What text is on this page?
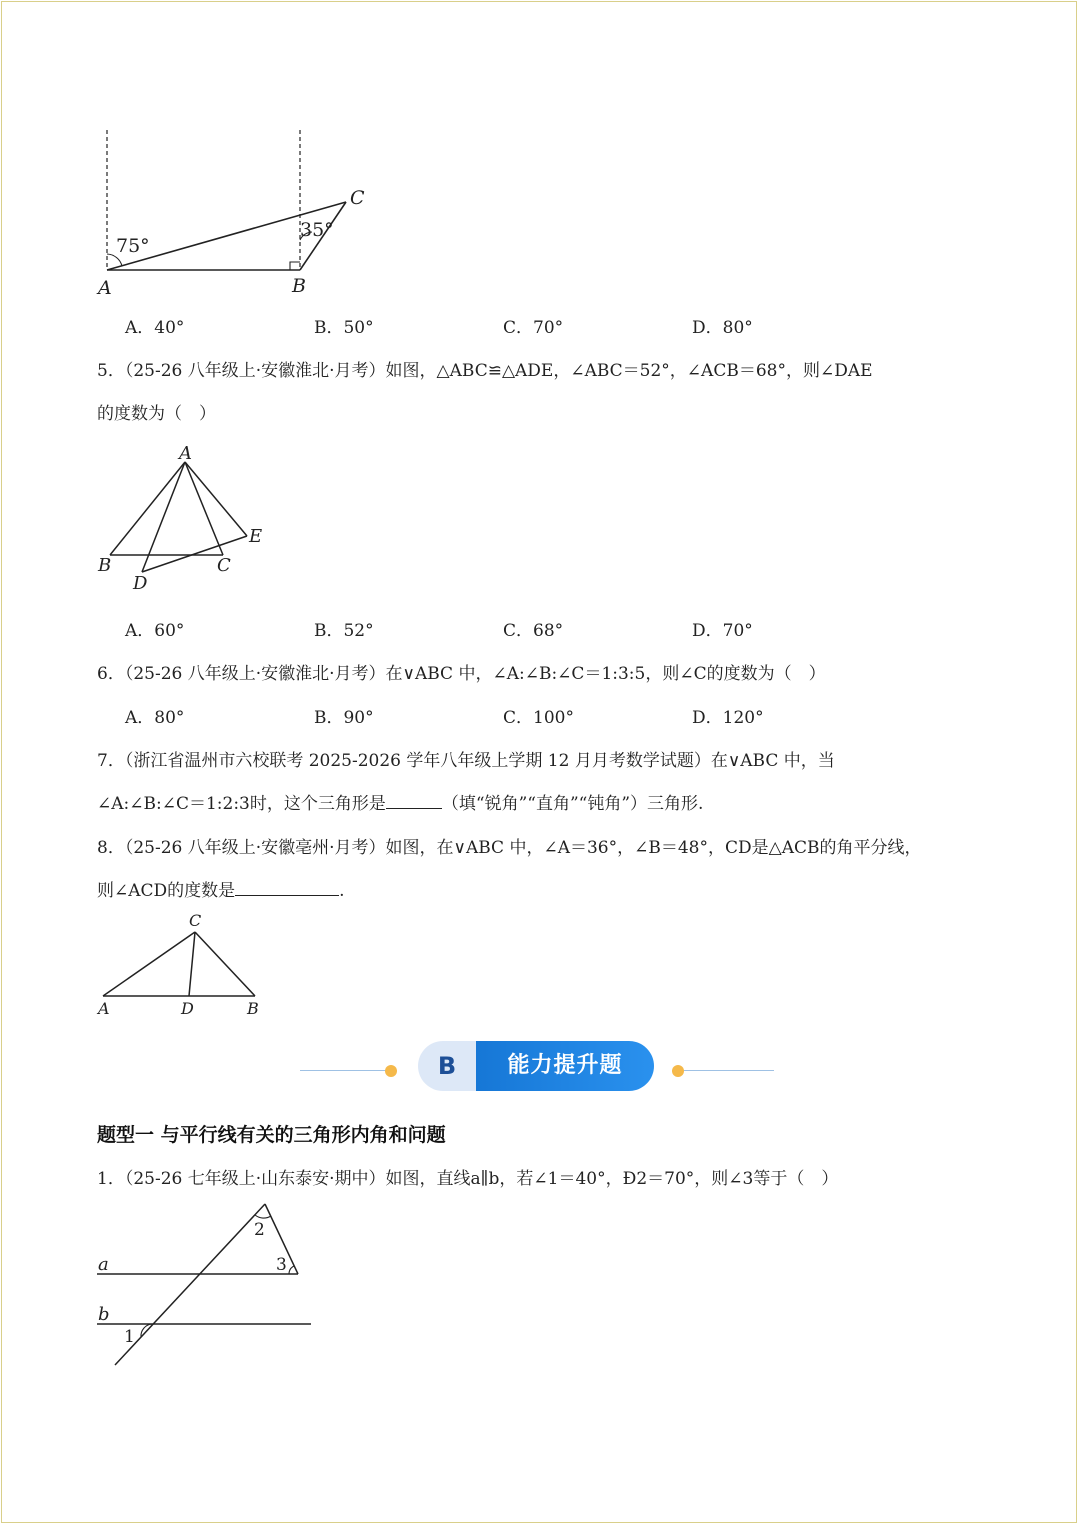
75°
35°
A	B
C
A．40°	B．50°	C．70°	D．80°
5．（25-26 八年级上·安徽淮北·月考）如图，△ABC≌△ADE，∠ABC＝52°，∠ACB＝68°，则∠DAE
的度数为（　）
A
B	C
D
E
A．60°	B．52°	C．68°	D．70°
6．（25-26 八年级上·安徽淮北·月考）在∨ABC 中，∠A:∠B:∠C＝1:3:5，则∠C的度数为（　）
A．80°	B．90°	C．100°	D．120°
7．（浙江省温州市六校联考 2025-2026 学年八年级上学期 12 月月考数学试题）在∨ABC 中，当
∠A:∠B:∠C＝1:2:3时，这个三角形是	（填“锐角”“直角”“钝角”）三角形.
8．（25-26 八年级上·安徽亳州·月考）如图，在∨ABC 中，∠A＝36°，∠B＝48°，CD是△ACB的角平分线，
则∠ACD的度数是	.
C
A	D	B
B	能力提升题
题型一 与平行线有关的三角形内角和问题
1．（25-26 七年级上·山东泰安·期中）如图，直线a∥b，若∠1＝40°，Ð2＝70°，则∠3等于（　）
a
b
1
2
3
